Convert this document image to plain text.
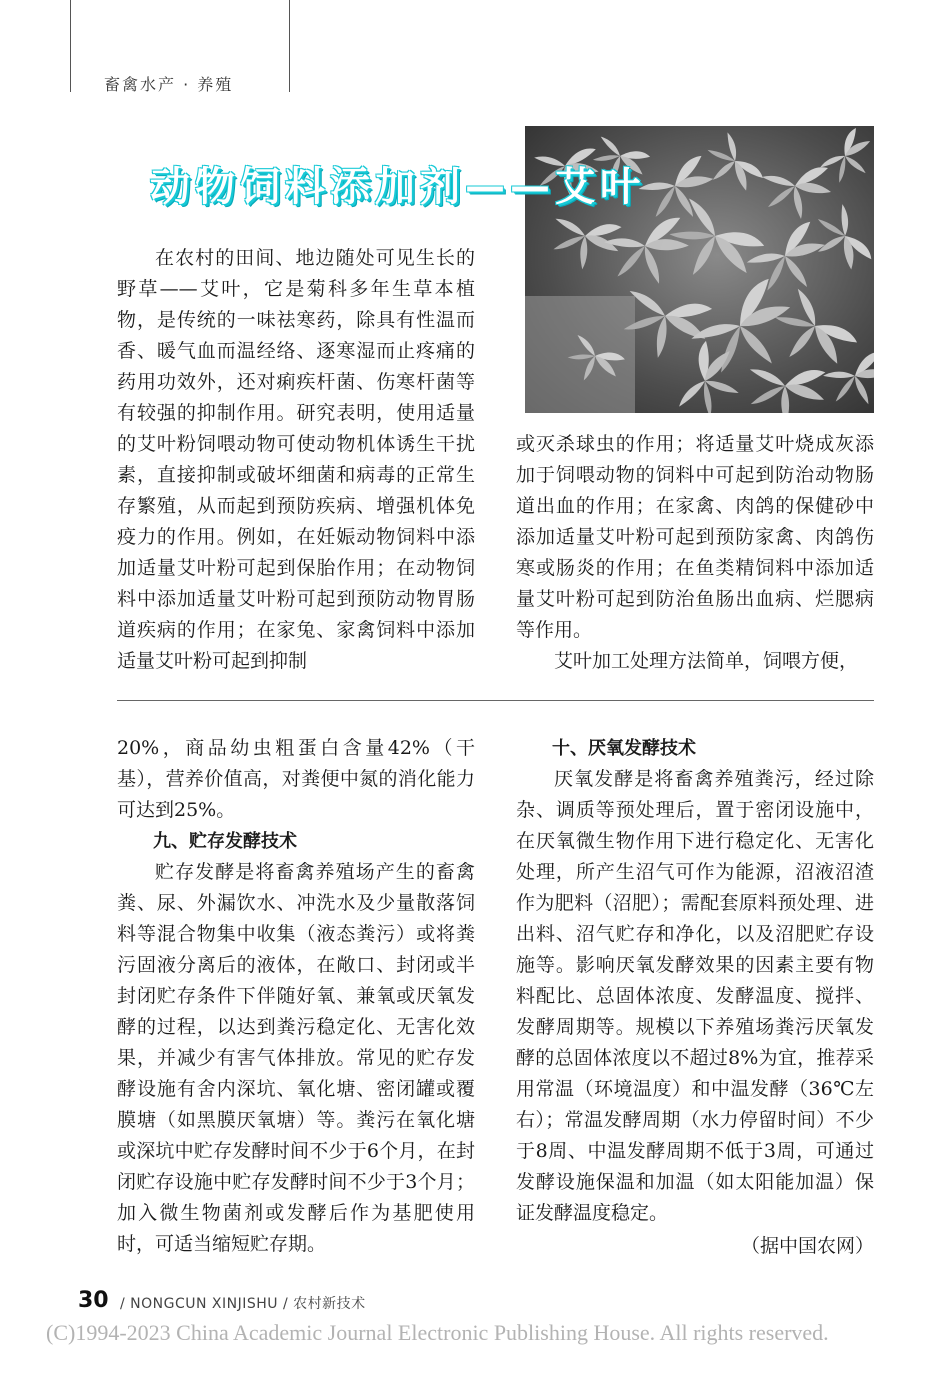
畜禽水产 · 养殖
动物饲料添加剂——艾叶

在农村的田间、地边随处可见生长的野草——艾叶，它是菊科多年生草本植物，是传统的一味祛寒药，除具有性温而香、暖气血而温经络、逐寒湿而止疼痛的药用功效外，还对痢疾杆菌、伤寒杆菌等有较强的抑制作用。研究表明，使用适量的艾叶粉饲喂动物可使动物机体诱生干扰素，直接抑制或破坏细菌和病毒的正常生存繁殖，从而起到预防疾病、增强机体免疫力的作用。例如，在妊娠动物饲料中添加适量艾叶粉可起到保胎作用；在动物饲料中添加适量艾叶粉可起到预防动物胃肠道疾病的作用；在家兔、家禽饲料中添加适量艾叶粉可起到抑制

或灭杀球虫的作用；将适量艾叶烧成灰添加于饲喂动物的饲料中可起到防治动物肠道出血的作用；在家禽、肉鸽的保健砂中添加适量艾叶粉可起到预防家禽、肉鸽伤寒或肠炎的作用；在鱼类精饲料中添加适量艾叶粉可起到防治鱼肠出血病、烂腮病等作用。

艾叶加工处理方法简单，饲喂方便，

20%，商品幼虫粗蛋白含量42%（干基），营养价值高，对粪便中氮的消化能力可达到25%。

九、贮存发酵技术

贮存发酵是将畜禽养殖场产生的畜禽粪、尿、外漏饮水、冲洗水及少量散落饲料等混合物集中收集（液态粪污）或将粪污固液分离后的液体，在敞口、封闭或半封闭贮存条件下伴随好氧、兼氧或厌氧发酵的过程，以达到粪污稳定化、无害化效果，并减少有害气体排放。常见的贮存发酵设施有舍内深坑、氧化塘、密闭罐或覆膜塘（如黑膜厌氧塘）等。粪污在氧化塘或深坑中贮存发酵时间不少于6个月，在封闭贮存设施中贮存发酵时间不少于3个月；加入微生物菌剂或发酵后作为基肥使用时，可适当缩短贮存期。

十、厌氧发酵技术

厌氧发酵是将畜禽养殖粪污，经过除杂、调质等预处理后，置于密闭设施中，在厌氧微生物作用下进行稳定化、无害化处理，所产生沼气可作为能源，沼液沼渣作为肥料（沼肥）；需配套原料预处理、进出料、沼气贮存和净化，以及沼肥贮存设施等。影响厌氧发酵效果的因素主要有物料配比、总固体浓度、发酵温度、搅拌、发酵周期等。规模以下养殖场粪污厌氧发酵的总固体浓度以不超过8%为宜，推荐采用常温（环境温度）和中温发酵（36℃左右）；常温发酵周期（水力停留时间）不少于8周、中温发酵周期不低于3周，可通过发酵设施保温和加温（如太阳能加温）保证发酵温度稳定。

（据中国农网）
30 / NONGCUN XINJISHU / 农村新技术
(C)1994-2023 China Academic Journal Electronic Publishing House. All rights reserved.
